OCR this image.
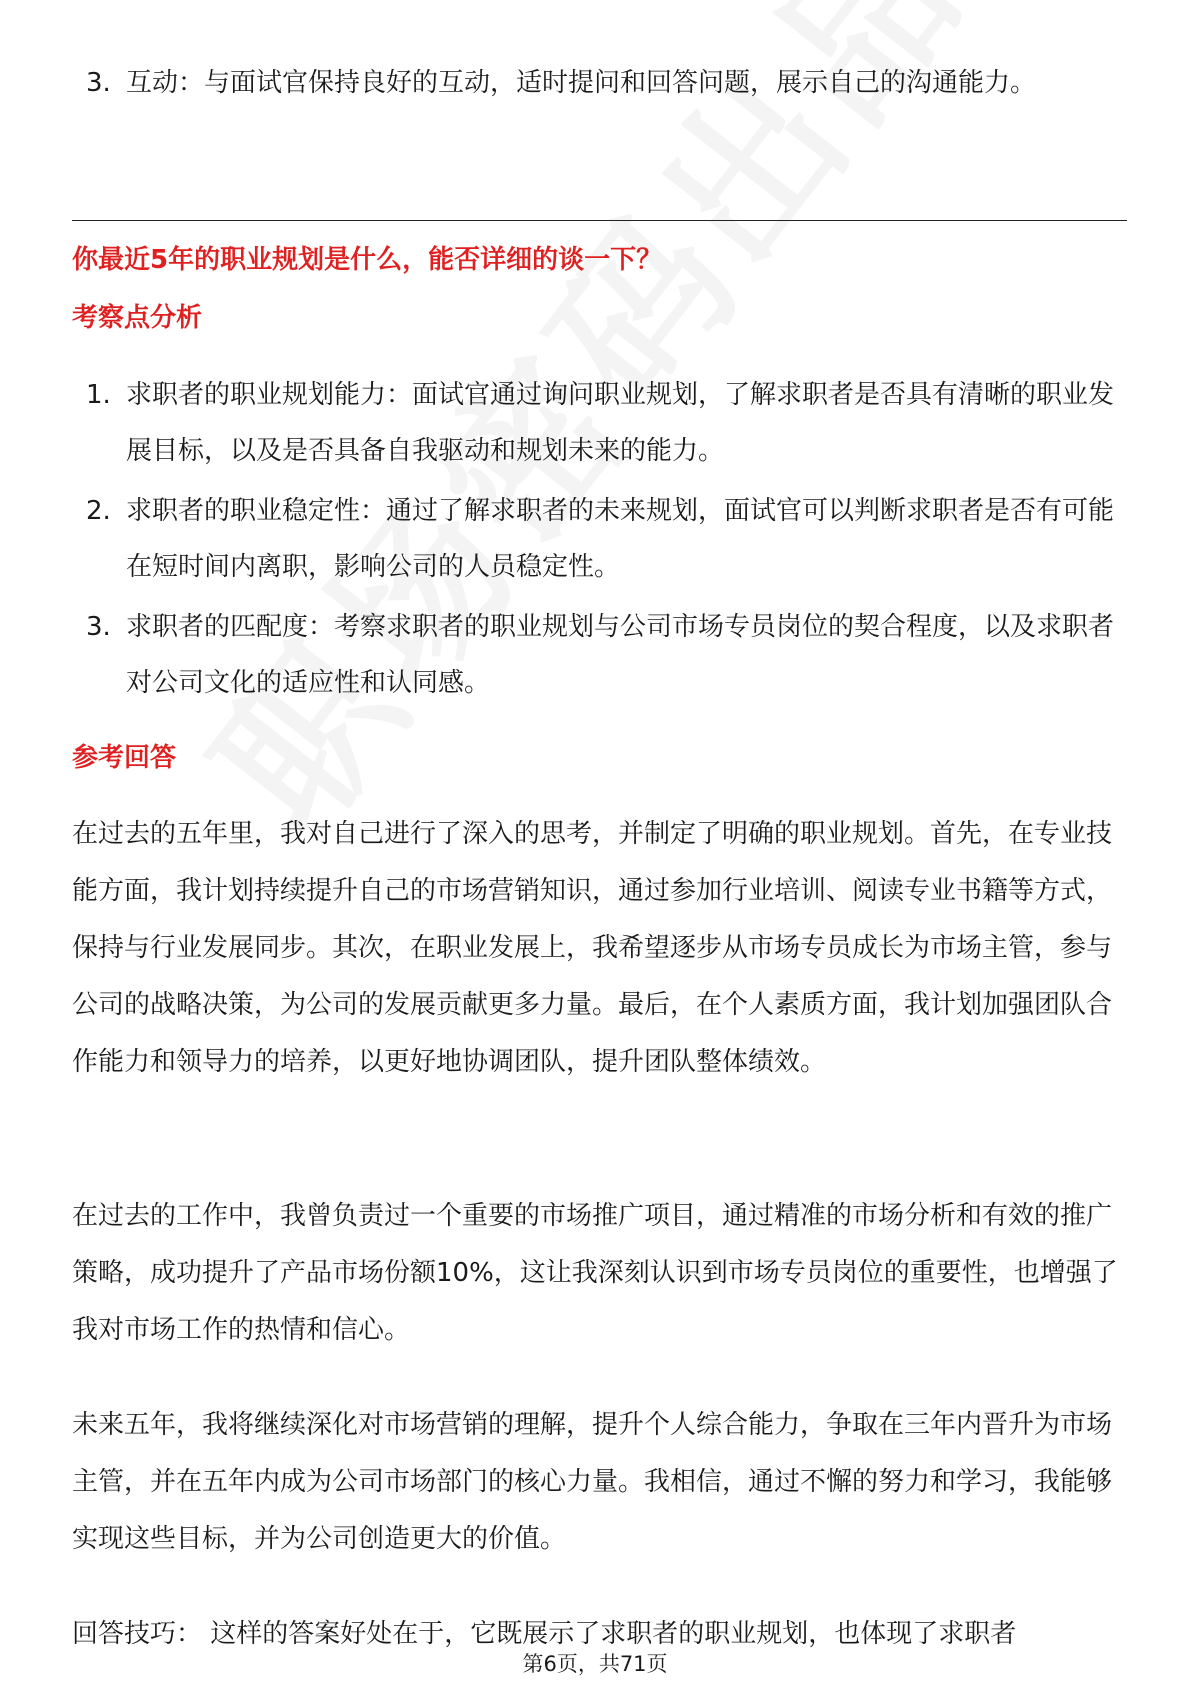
3. 互动：与面试官保持良好的互动，适时提问和回答问题，展示自己的沟通能力。
你最近5年的职业规划是什么，能否详细的谈一下？
考察点分析
1. 求职者的职业规划能力：面试官通过询问职业规划，了解求职者是否具有清晰的职业发展目标，以及是否具备自我驱动和规划未来的能力。
2. 求职者的职业稳定性：通过了解求职者的未来规划，面试官可以判断求职者是否有可能在短时间内离职，影响公司的人员稳定性。
3. 求职者的匹配度：考察求职者的职业规划与公司市场专员岗位的契合程度，以及求职者对公司文化的适应性和认同感。
参考回答

在过去的五年里，我对自己进行了深入的思考，并制定了明确的职业规划。首先，在专业技能方面，我计划持续提升自己的市场营销知识，通过参加行业培训、阅读专业书籍等方式，保持与行业发展同步。其次，在职业发展上，我希望逐步从市场专员成长为市场主管，参与公司的战略决策，为公司的发展贡献更多力量。最后，在个人素质方面，我计划加强团队合作能力和领导力的培养，以更好地协调团队，提升团队整体绩效。

在过去的工作中，我曾负责过一个重要的市场推广项目，通过精准的市场分析和有效的推广策略，成功提升了产品市场份额10%，这让我深刻认识到市场专员岗位的重要性，也增强了我对市场工作的热情和信心。

未来五年，我将继续深化对市场营销的理解，提升个人综合能力，争取在三年内晋升为市场主管，并在五年内成为公司市场部门的核心力量。我相信，通过不懈的努力和学习，我能够实现这些目标，并为公司创造更大的价值。

回答技巧： 这样的答案好处在于，它既展示了求职者的职业规划，也体现了求职者

第6页，共71页
